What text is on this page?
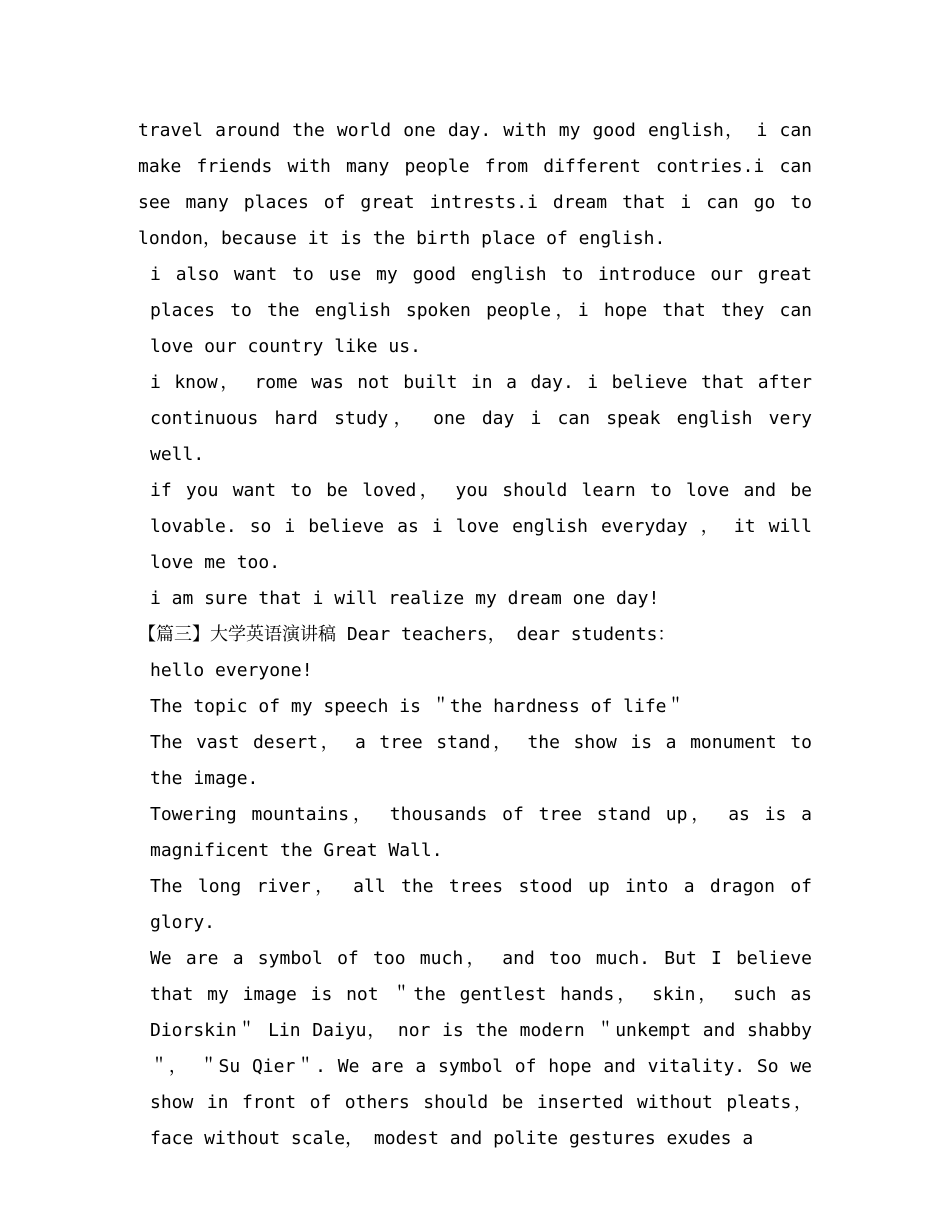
travel around the world one day. with my good english， i can make friends with many people from different contries.i can see many places of great intrests.i dream that i can go to london，because it is the birth place of english.

i also want to use my good english to introduce our great places to the english spoken people，i hope that they can love our country like us.

i know， rome was not built in a day. i believe that after continuous hard study， one day i can speak english very well.

if you want to be loved， you should learn to love and be lovable. so i believe as i love english everyday ， it will love me too.

i am sure that i will realize my dream one day!

【篇三】大学英语演讲稿 Dear teachers， dear students：

hello everyone!

The topic of my speech is ＂the hardness of life＂

The vast desert， a tree stand， the show is a monument to the image.

Towering mountains， thousands of tree stand up， as is a magnificent the Great Wall.

The long river， all the trees stood up into a dragon of glory.

We are a symbol of too much， and too much. But I believe that my image is not ＂the gentlest hands， skin， such as Diorskin＂ Lin Daiyu， nor is the modern ＂unkempt and shabby＂， ＂Su Qier＂. We are a symbol of hope and vitality. So we show in front of others should be inserted without pleats， face without scale， modest and polite gestures exudes a
